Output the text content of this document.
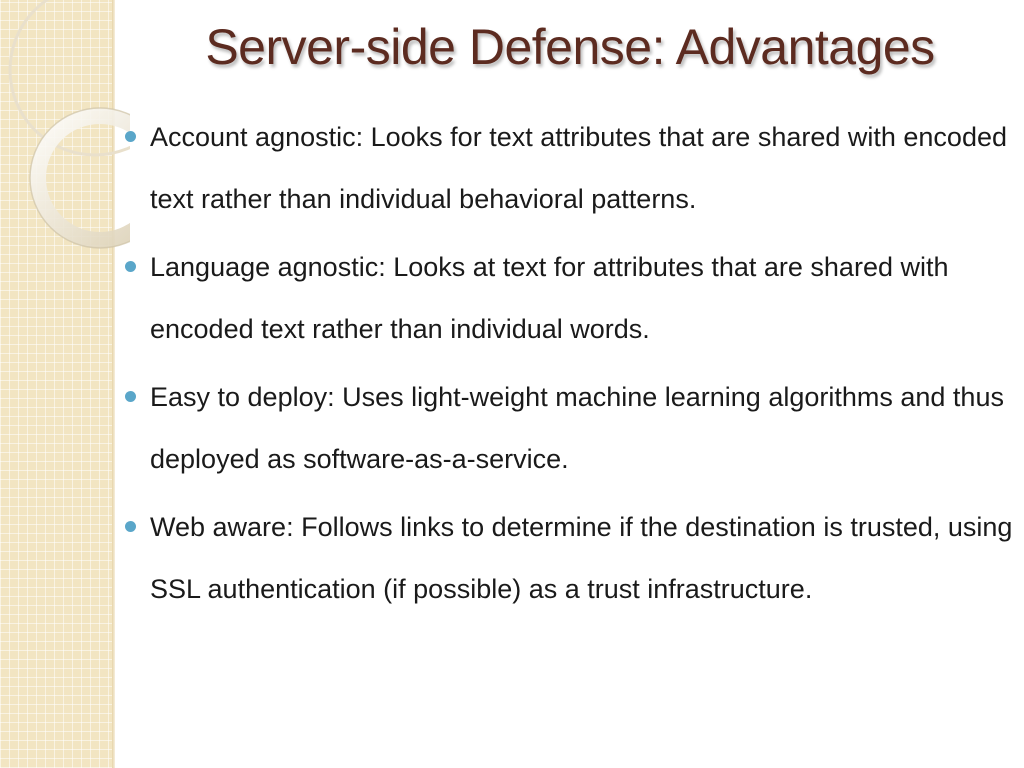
Server-side Defense: Advantages
Account agnostic: Looks for text attributes that are shared with encoded text rather than individual behavioral patterns.
Language agnostic: Looks at text for attributes that are shared with encoded text rather than individual words.
Easy to deploy: Uses light-weight machine learning algorithms and thus deployed as software-as-a-service.
Web aware: Follows links to determine if the destination is trusted, using SSL authentication (if possible) as a trust infrastructure.
